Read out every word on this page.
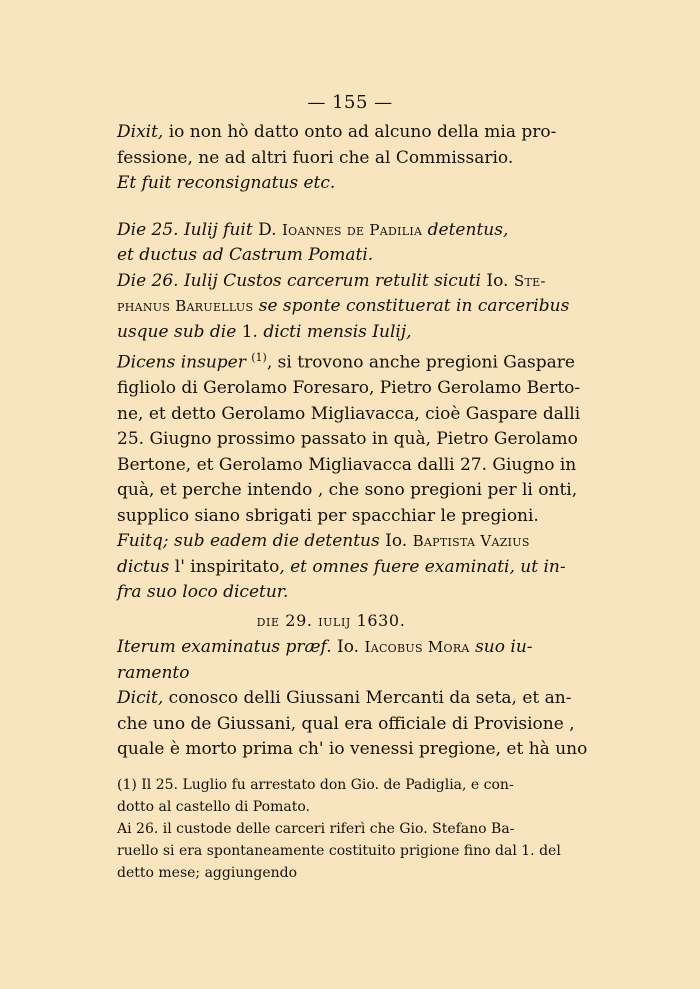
— 155 —
Dixit, io non hò datto onto ad alcuno della mia pro-
fessione, ne ad altri fuori che al Commissario.
Et fuit reconsignatus etc.
Die 25. Iulij fuit D. Ioannes de Padilia detentus,
et ductus ad Castrum Pomati.
Die 26. Iulij Custos carcerum retulit sicuti Io. Ste-
phanus Baruellus se sponte constituerat in carceribus
usque sub die 1. dicti mensis Iulij,
Dicens insuper $^{(1)}$, si trovono anche pregioni Gaspare
figliolo di Gerolamo Foresaro, Pietro Gerolamo Berto-
ne, et detto Gerolamo Migliavacca, cioè Gaspare dalli
25. Giugno prossimo passato in quà, Pietro Gerolamo
Bertone, et Gerolamo Migliavacca dalli 27. Giugno in
quà, et perche intendo , che sono pregioni per li onti,
supplico siano sbrigati per spacchiar le pregioni.
Fuitq; sub eadem die detentus Io. Baptista Vazius
dictus l' inspiritato, et omnes fuere examinati, ut in-
fra suo loco dicetur.
die 29. iulij 1630.
Iterum examinatus præf. Io. Iacobus Mora suo iu-
ramento
Dicit, conosco delli Giussani Mercanti da seta, et an-
che uno de Giussani, qual era officiale di Provisione ,
quale è morto prima ch' io venessi pregione, et hà uno
(1) Il 25. Luglio fu arrestato don Gio. de Padiglia, e con-
dotto al castello di Pomato.
Ai 26. il custode delle carceri riferì che Gio. Stefano Ba-
ruello si era spontaneamente costituito prigione fino dal 1. del
detto mese; aggiungendo
